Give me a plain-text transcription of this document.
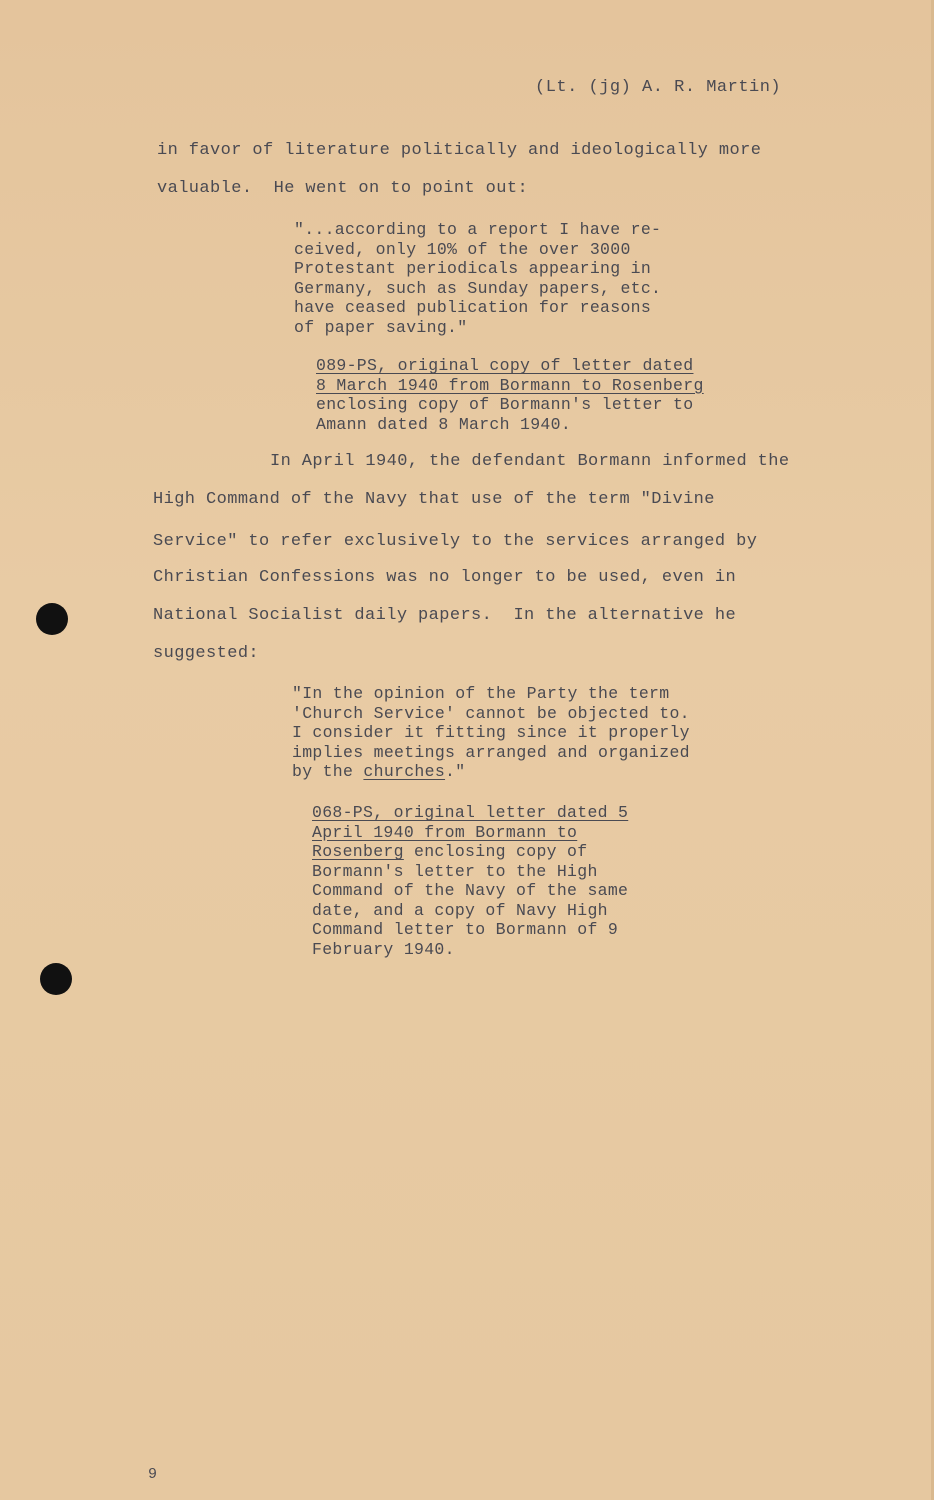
(Lt. (jg) A. R. Martin)
in favor of literature politically and ideologically more
valuable.  He went on to point out:
"...according to a report I have re-
ceived, only 10% of the over 3000
Protestant periodicals appearing in
Germany, such as Sunday papers, etc.
have ceased publication for reasons
of paper saving."
089-PS, original copy of letter dated
8 March 1940 from Bormann to Rosenberg
enclosing copy of Bormann's letter to
Amann dated 8 March 1940.
In April 1940, the defendant Bormann informed the
High Command of the Navy that use of the term "Divine
Service" to refer exclusively to the services arranged by
Christian Confessions was no longer to be used, even in
National Socialist daily papers.  In the alternative he
suggested:
"In the opinion of the Party the term
'Church Service' cannot be objected to.
I consider it fitting since it properly
implies meetings arranged and organized
by the churches."
068-PS, original letter dated 5
April 1940 from Bormann to
Rosenberg enclosing copy of
Bormann's letter to the High
Command of the Navy of the same
date, and a copy of Navy High
Command letter to Bormann of 9
February 1940.
9
